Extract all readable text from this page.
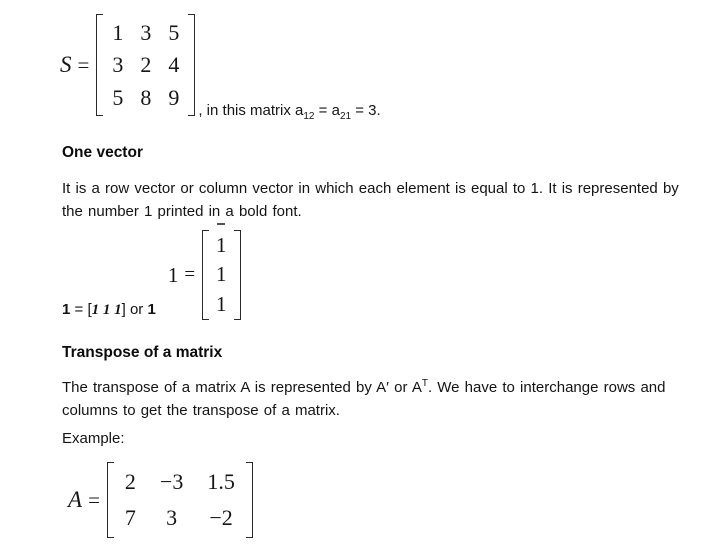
S =
1 3 5
3 2 4
5 8 9
, in this matrix $a_{12} = a_{21} = 3$.
One vector
It is a row vector or column vector in which each element is equal to 1. It is represented by
the number 1 printed in a bold font.
1 = [1 1 1] or 1
1 =
1
1
1
Transpose of a matrix
The transpose of a matrix A is represented by A′ or $A^T$. We have to interchange rows and
columns to get the transpose of a matrix.
Example:
A =
2 −3 1.5
7 3 −2
